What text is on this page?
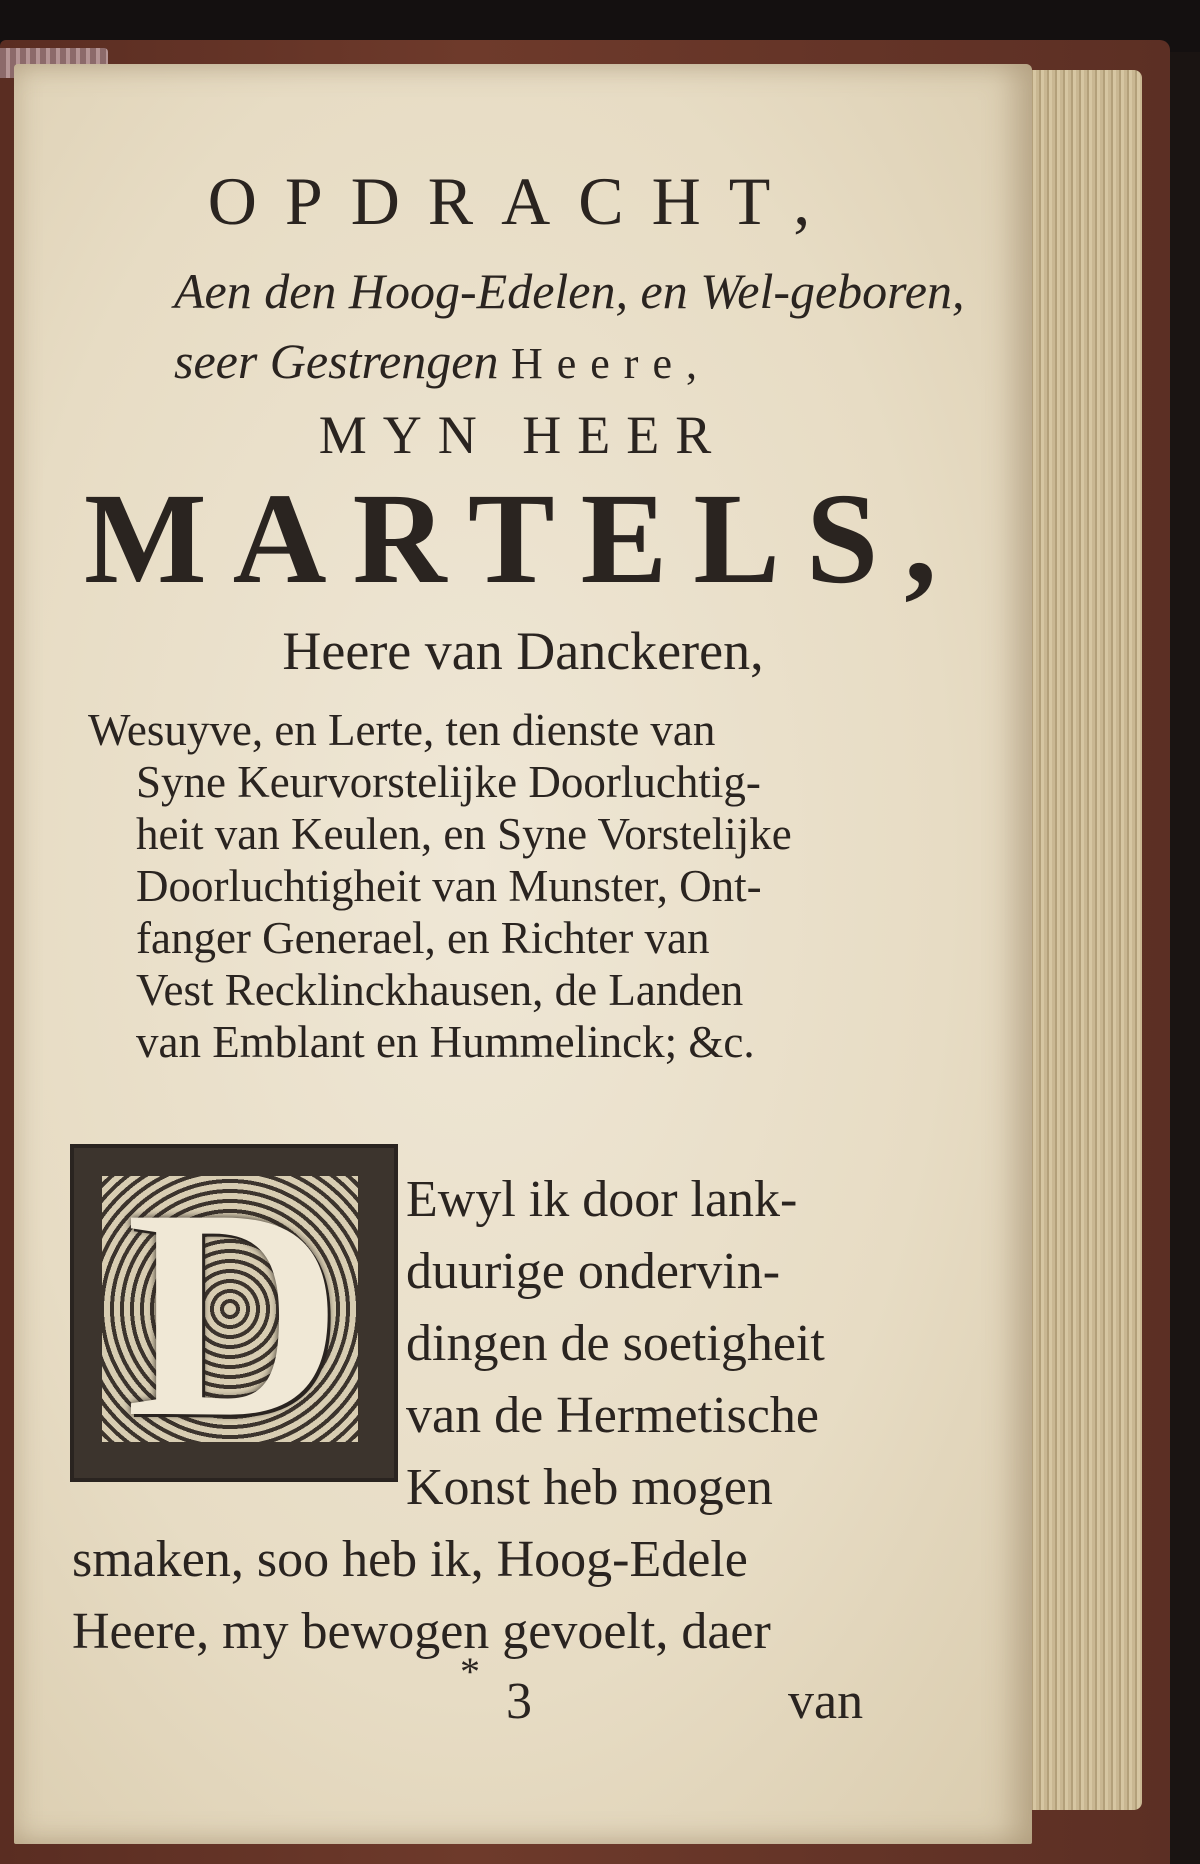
OPDRACHT,
Aen den Hoog-Edelen, en Wel-geboren,
seer Gestrengen Heere,
MYN HEER
MARTELS,
Heere van Danckeren,

Wesuyve, en Lerte, ten dienste van

Syne Keurvorstelijke Doorluchtig-

heit van Keulen, en Syne Vorstelijke

Doorluchtigheit van Munster, Ont-

fanger Generael, en Richter van

Vest Recklinckhausen, de Landen

van Emblant en Hummelinck; &c.

D	Ewyl ik door lank-

duurige ondervin-

dingen de soetigheit

van de Hermetische

Konst heb mogen

smaken, soo heb ik, Hoog-Edele

Heere, my bewogen gevoelt, daer

*
3	van
